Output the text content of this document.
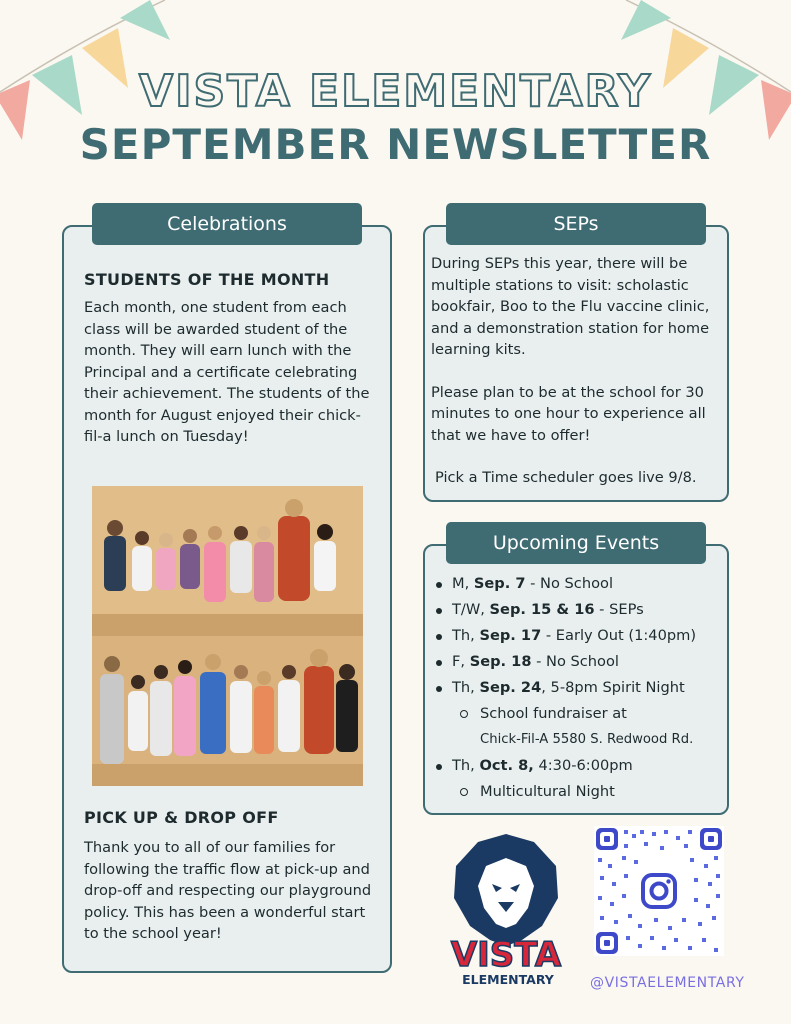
VISTA ELEMENTARY
SEPTEMBER NEWSLETTER
Celebrations

STUDENTS OF THE MONTH

Each month, one student from each class will be awarded student of the month. They will earn lunch with the Principal and a certificate celebrating their achievement. The students of the month for August enjoyed their chick-fil-a lunch on Tuesday!

PICK UP & DROP OFF

Thank you to all of our families for following the traffic flow at pick-up and drop-off and respecting our playground policy. This has been a wonderful start to the school year!

SEPs

During SEPs this year, there will be multiple stations to visit: scholastic bookfair, Boo to the Flu vaccine clinic, and a demonstration station for home learning kits.

Please plan to be at the school for 30 minutes to one hour to experience all that we have to offer!

Pick a Time scheduler goes live 9/8.

Upcoming Events
M, Sep. 7 - No School
T/W, Sep. 15 & 16 - SEPs
Th, Sep. 17 - Early Out (1:40pm)
F, Sep. 18 - No School
Th, Sep. 24, 5-8pm Spirit Night
School fundraiser at
Chick-Fil-A 5580 S. Redwood Rd.
Th, Oct. 8, 4:30-6:00pm
Multicultural Night
VISTA
ELEMENTARY	@VISTAELEMENTARY
